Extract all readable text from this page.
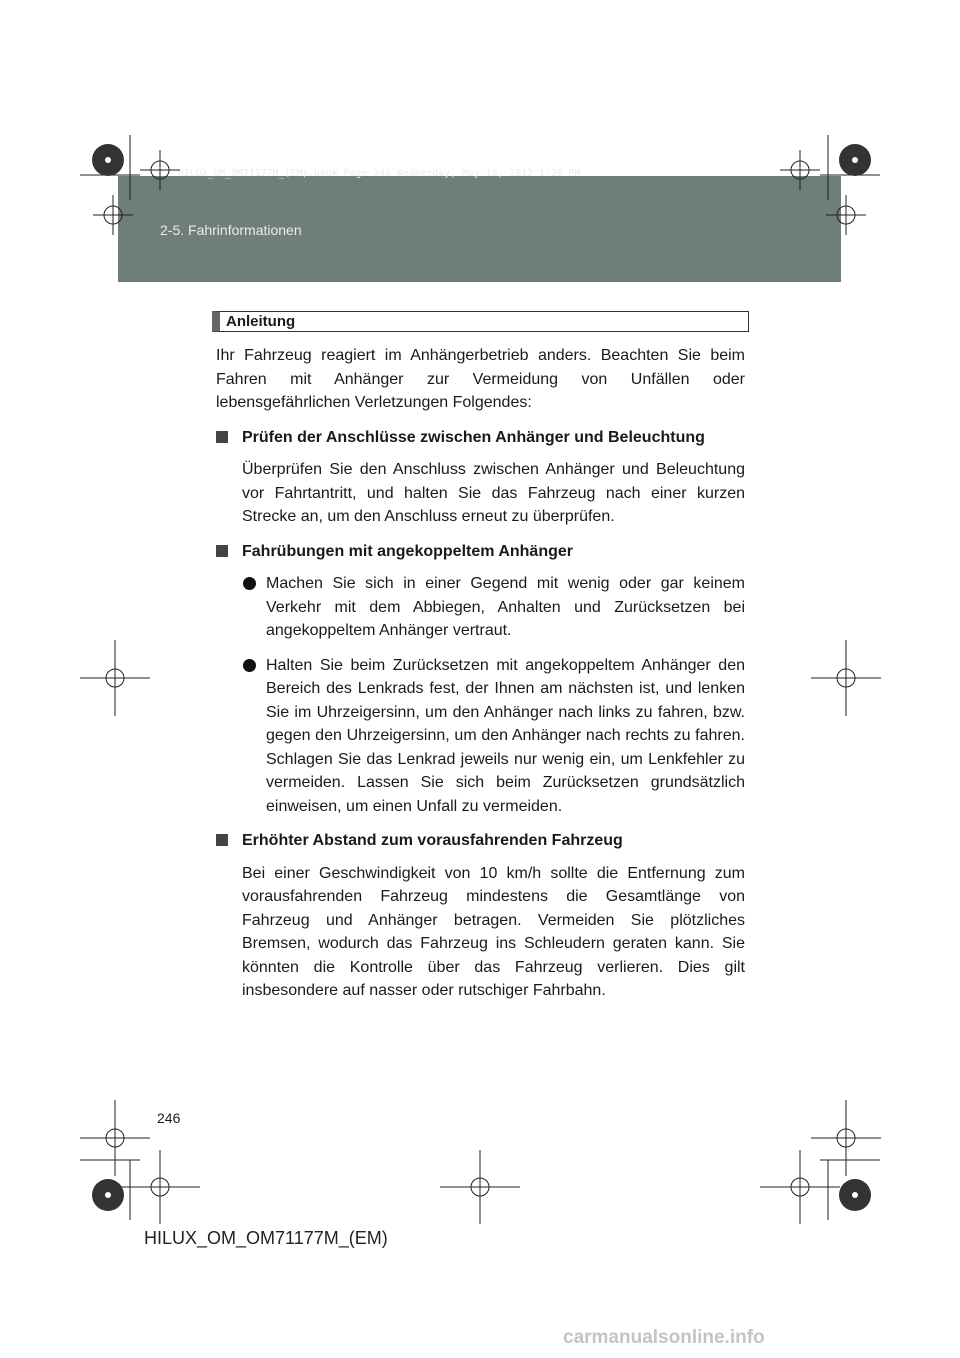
2-5. Fahrinformationen
HILUX_OM_OM71177M_(EM).book Page 246 Wednesday, May 16, 2012 1:28 PM
Anleitung

Ihr Fahrzeug reagiert im Anhängerbetrieb anders. Beachten Sie beim Fahren mit Anhänger zur Vermeidung von Unfällen oder lebensgefährlichen Verletzungen Folgendes:

Prüfen der Anschlüsse zwischen Anhänger und Beleuchtung

Überprüfen Sie den Anschluss zwischen Anhänger und Beleuchtung vor Fahrtantritt, und halten Sie das Fahrzeug nach einer kurzen Strecke an, um den Anschluss erneut zu überprüfen.

Fahrübungen mit angekoppeltem Anhänger
Machen Sie sich in einer Gegend mit wenig oder gar keinem Verkehr mit dem Abbiegen, Anhalten und Zurücksetzen bei angekoppeltem Anhänger vertraut.
Halten Sie beim Zurücksetzen mit angekoppeltem Anhänger den Bereich des Lenkrads fest, der Ihnen am nächsten ist, und lenken Sie im Uhrzeigersinn, um den Anhänger nach links zu fahren, bzw. gegen den Uhrzeigersinn, um den Anhänger nach rechts zu fahren. Schlagen Sie das Lenkrad jeweils nur wenig ein, um Lenkfehler zu vermeiden. Lassen Sie sich beim Zurücksetzen grundsätzlich einweisen, um einen Unfall zu vermeiden.
Erhöhter Abstand zum vorausfahrenden Fahrzeug

Bei einer Geschwindigkeit von 10 km/h sollte die Entfernung zum vorausfahrenden Fahrzeug mindestens die Gesamtlänge von Fahrzeug und Anhänger betragen. Vermeiden Sie plötzliches Bremsen, wodurch das Fahrzeug ins Schleudern geraten kann. Sie könnten die Kontrolle über das Fahrzeug verlieren. Dies gilt insbesondere auf nasser oder rutschiger Fahrbahn.

246
HILUX_OM_OM71177M_(EM)
carmanualsonline.info
